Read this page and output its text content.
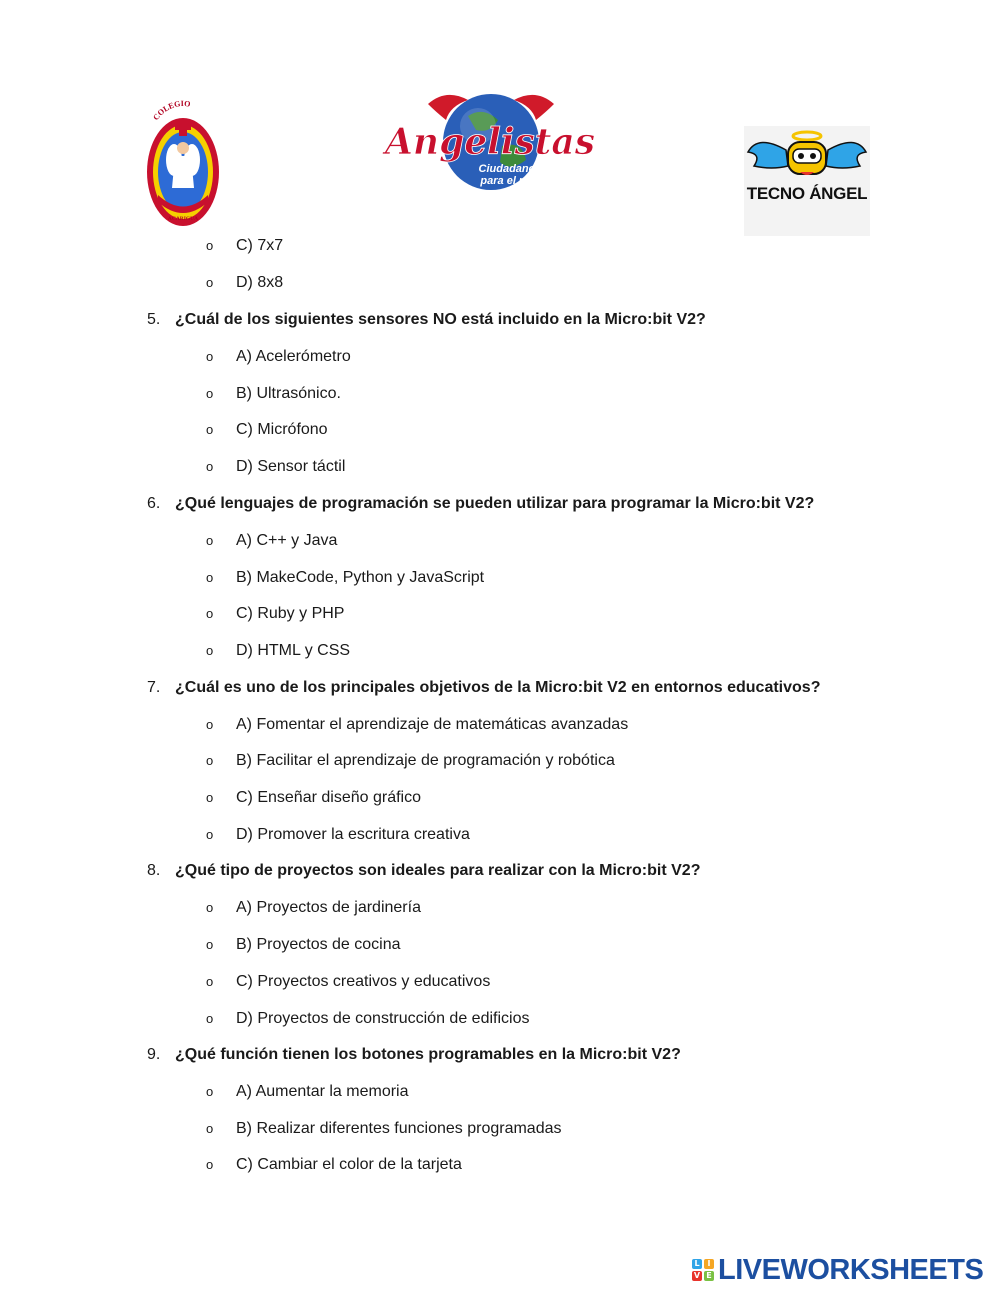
COLEGIO
ACARIGUA
Angelistas
Ciudadanos
para el mundo
TECNO ÁNGEL
o C) 7x7
o D) 8x8
5. ¿Cuál de los siguientes sensores NO está incluido en la Micro:bit V2?
o A) Acelerómetro
o B) Ultrasónico.
o C) Micrófono
o D) Sensor táctil
6. ¿Qué lenguajes de programación se pueden utilizar para programar la Micro:bit V2?
o A) C++ y Java
o B) MakeCode, Python y JavaScript
o C) Ruby y PHP
o D) HTML y CSS
7. ¿Cuál es uno de los principales objetivos de la Micro:bit V2 en entornos educativos?
o A) Fomentar el aprendizaje de matemáticas avanzadas
o B) Facilitar el aprendizaje de programación y robótica
o C) Enseñar diseño gráfico
o D) Promover la escritura creativa
8. ¿Qué tipo de proyectos son ideales para realizar con la Micro:bit V2?
o A) Proyectos de jardinería
o B) Proyectos de cocina
o C) Proyectos creativos y educativos
o D) Proyectos de construcción de edificios
9. ¿Qué función tienen los botones programables en la Micro:bit V2?
o A) Aumentar la memoria
o B) Realizar diferentes funciones programadas
o C) Cambiar el color de la tarjeta
L I
V E LIVEWORKSHEETS
